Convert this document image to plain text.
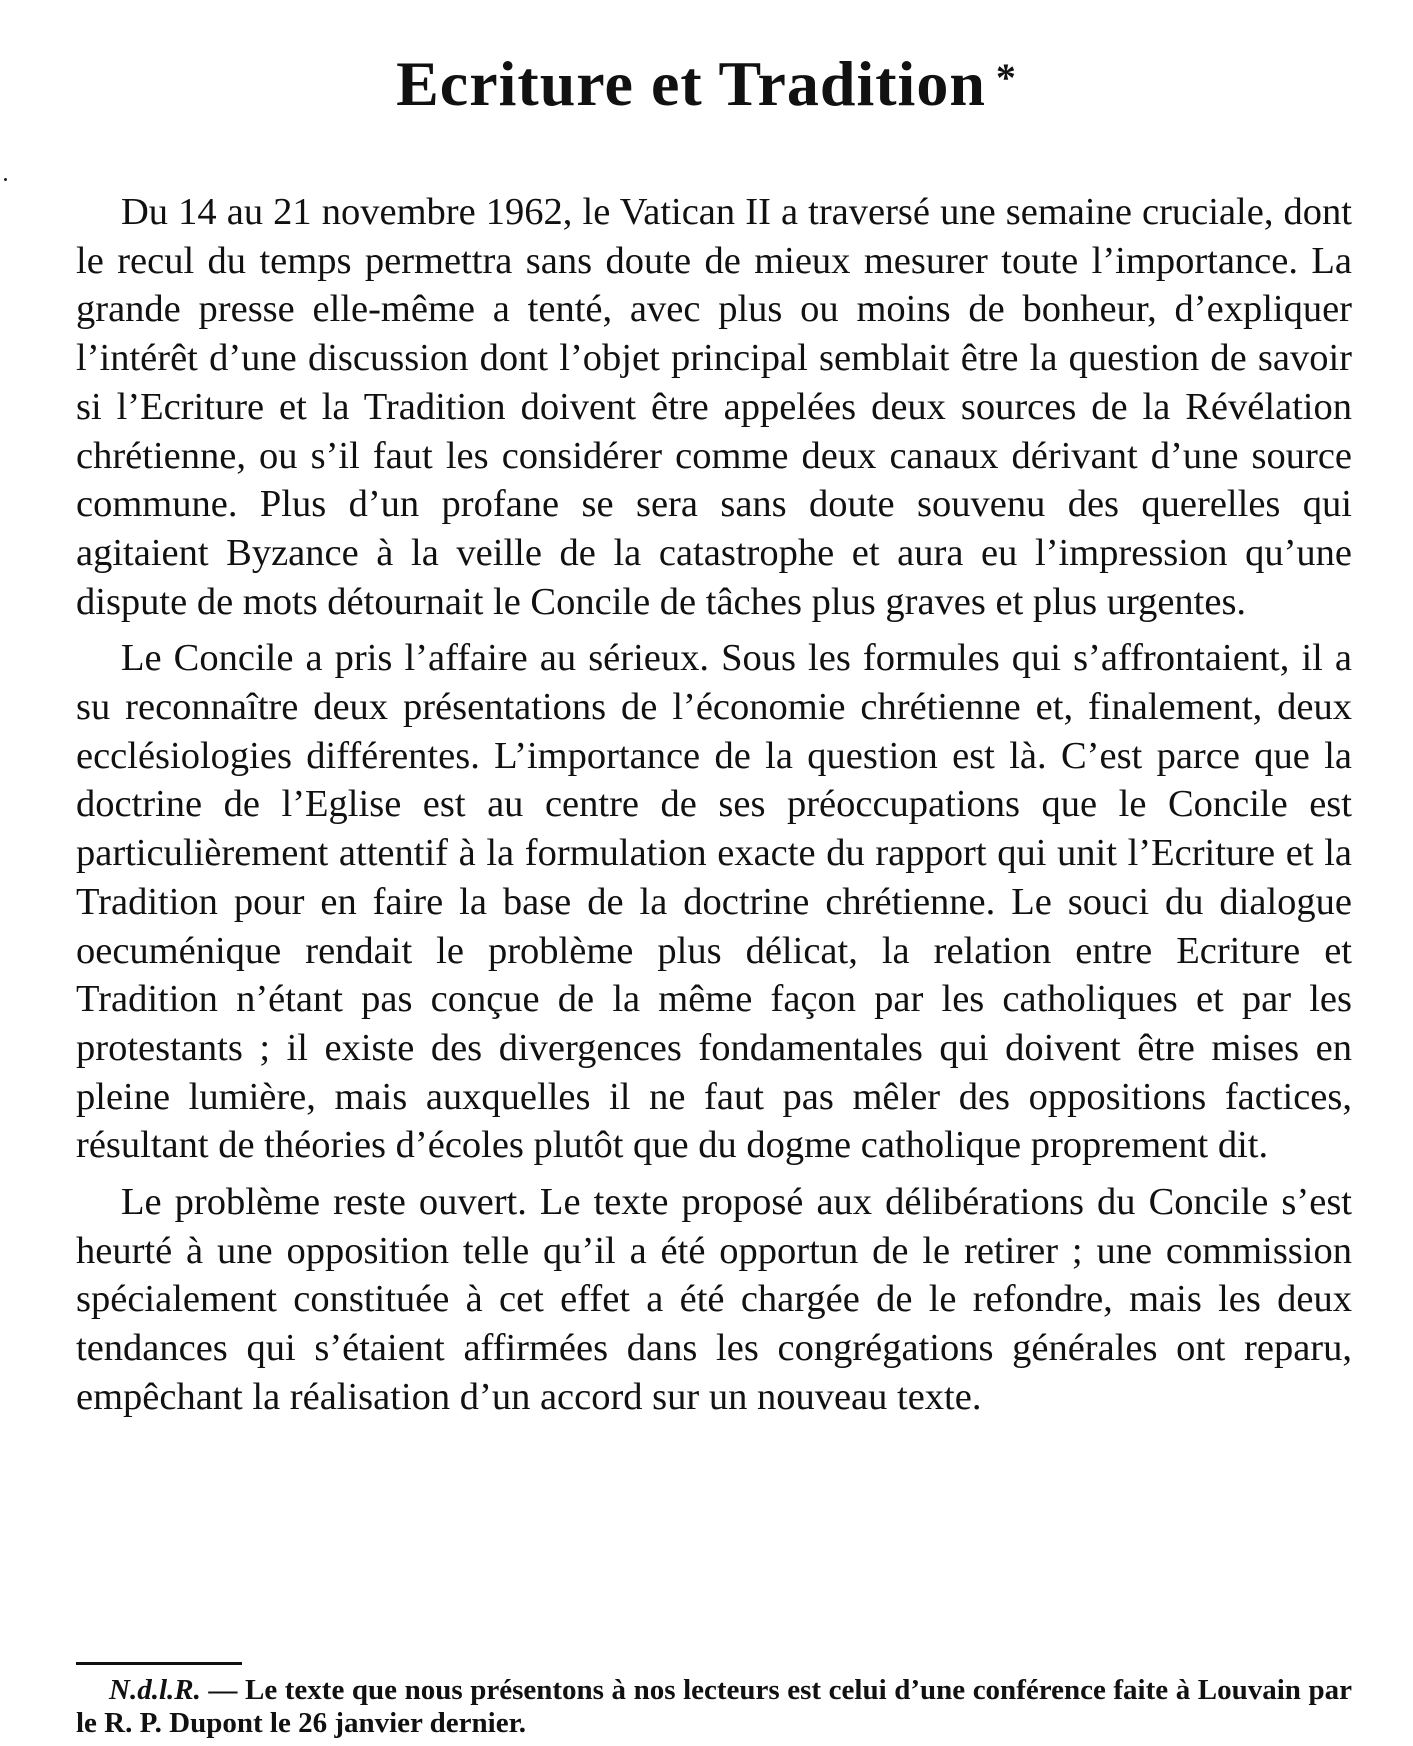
Ecriture et Tradition *

Du 14 au 21 novembre 1962, le Vatican II a traversé une semaine cruciale, dont le recul du temps permettra sans doute de mieux mesurer toute l’importance. La grande presse elle-même a tenté, avec plus ou moins de bonheur, d’expliquer l’intérêt d’une discussion dont l’objet principal semblait être la question de savoir si l’Ecriture et la Tradition doivent être appelées deux sources de la Révélation chrétienne, ou s’il faut les considérer comme deux canaux dérivant d’une source commune. Plus d’un profane se sera sans doute souvenu des querelles qui agitaient Byzance à la veille de la catastrophe et aura eu l’impression qu’une dispute de mots détournait le Concile de tâches plus graves et plus urgentes.

Le Concile a pris l’affaire au sérieux. Sous les formules qui s’affrontaient, il a su reconnaître deux présentations de l’économie chrétienne et, finalement, deux ecclésiologies différentes. L’importance de la question est là. C’est parce que la doctrine de l’Eglise est au centre de ses préoccupations que le Concile est particulièrement attentif à la formulation exacte du rapport qui unit l’Ecriture et la Tradition pour en faire la base de la doctrine chrétienne. Le souci du dialogue oecuménique rendait le problème plus délicat, la relation entre Ecriture et Tradition n’étant pas conçue de la même façon par les catholiques et par les protestants ; il existe des divergences fondamentales qui doivent être mises en pleine lumière, mais auxquelles il ne faut pas mêler des oppositions factices, résultant de théories d’écoles plutôt que du dogme catholique proprement dit.

Le problème reste ouvert. Le texte proposé aux délibérations du Concile s’est heurté à une opposition telle qu’il a été opportun de le retirer ; une commission spécialement constituée à cet effet a été chargée de le refondre, mais les deux tendances qui s’étaient affirmées dans les congrégations générales ont reparu, empêchant la réalisation d’un accord sur un nouveau texte.

N.d.l.R. — Le texte que nous présentons à nos lecteurs est celui d’une conférence faite à Louvain par le R. P. Dupont le 26 janvier dernier.
